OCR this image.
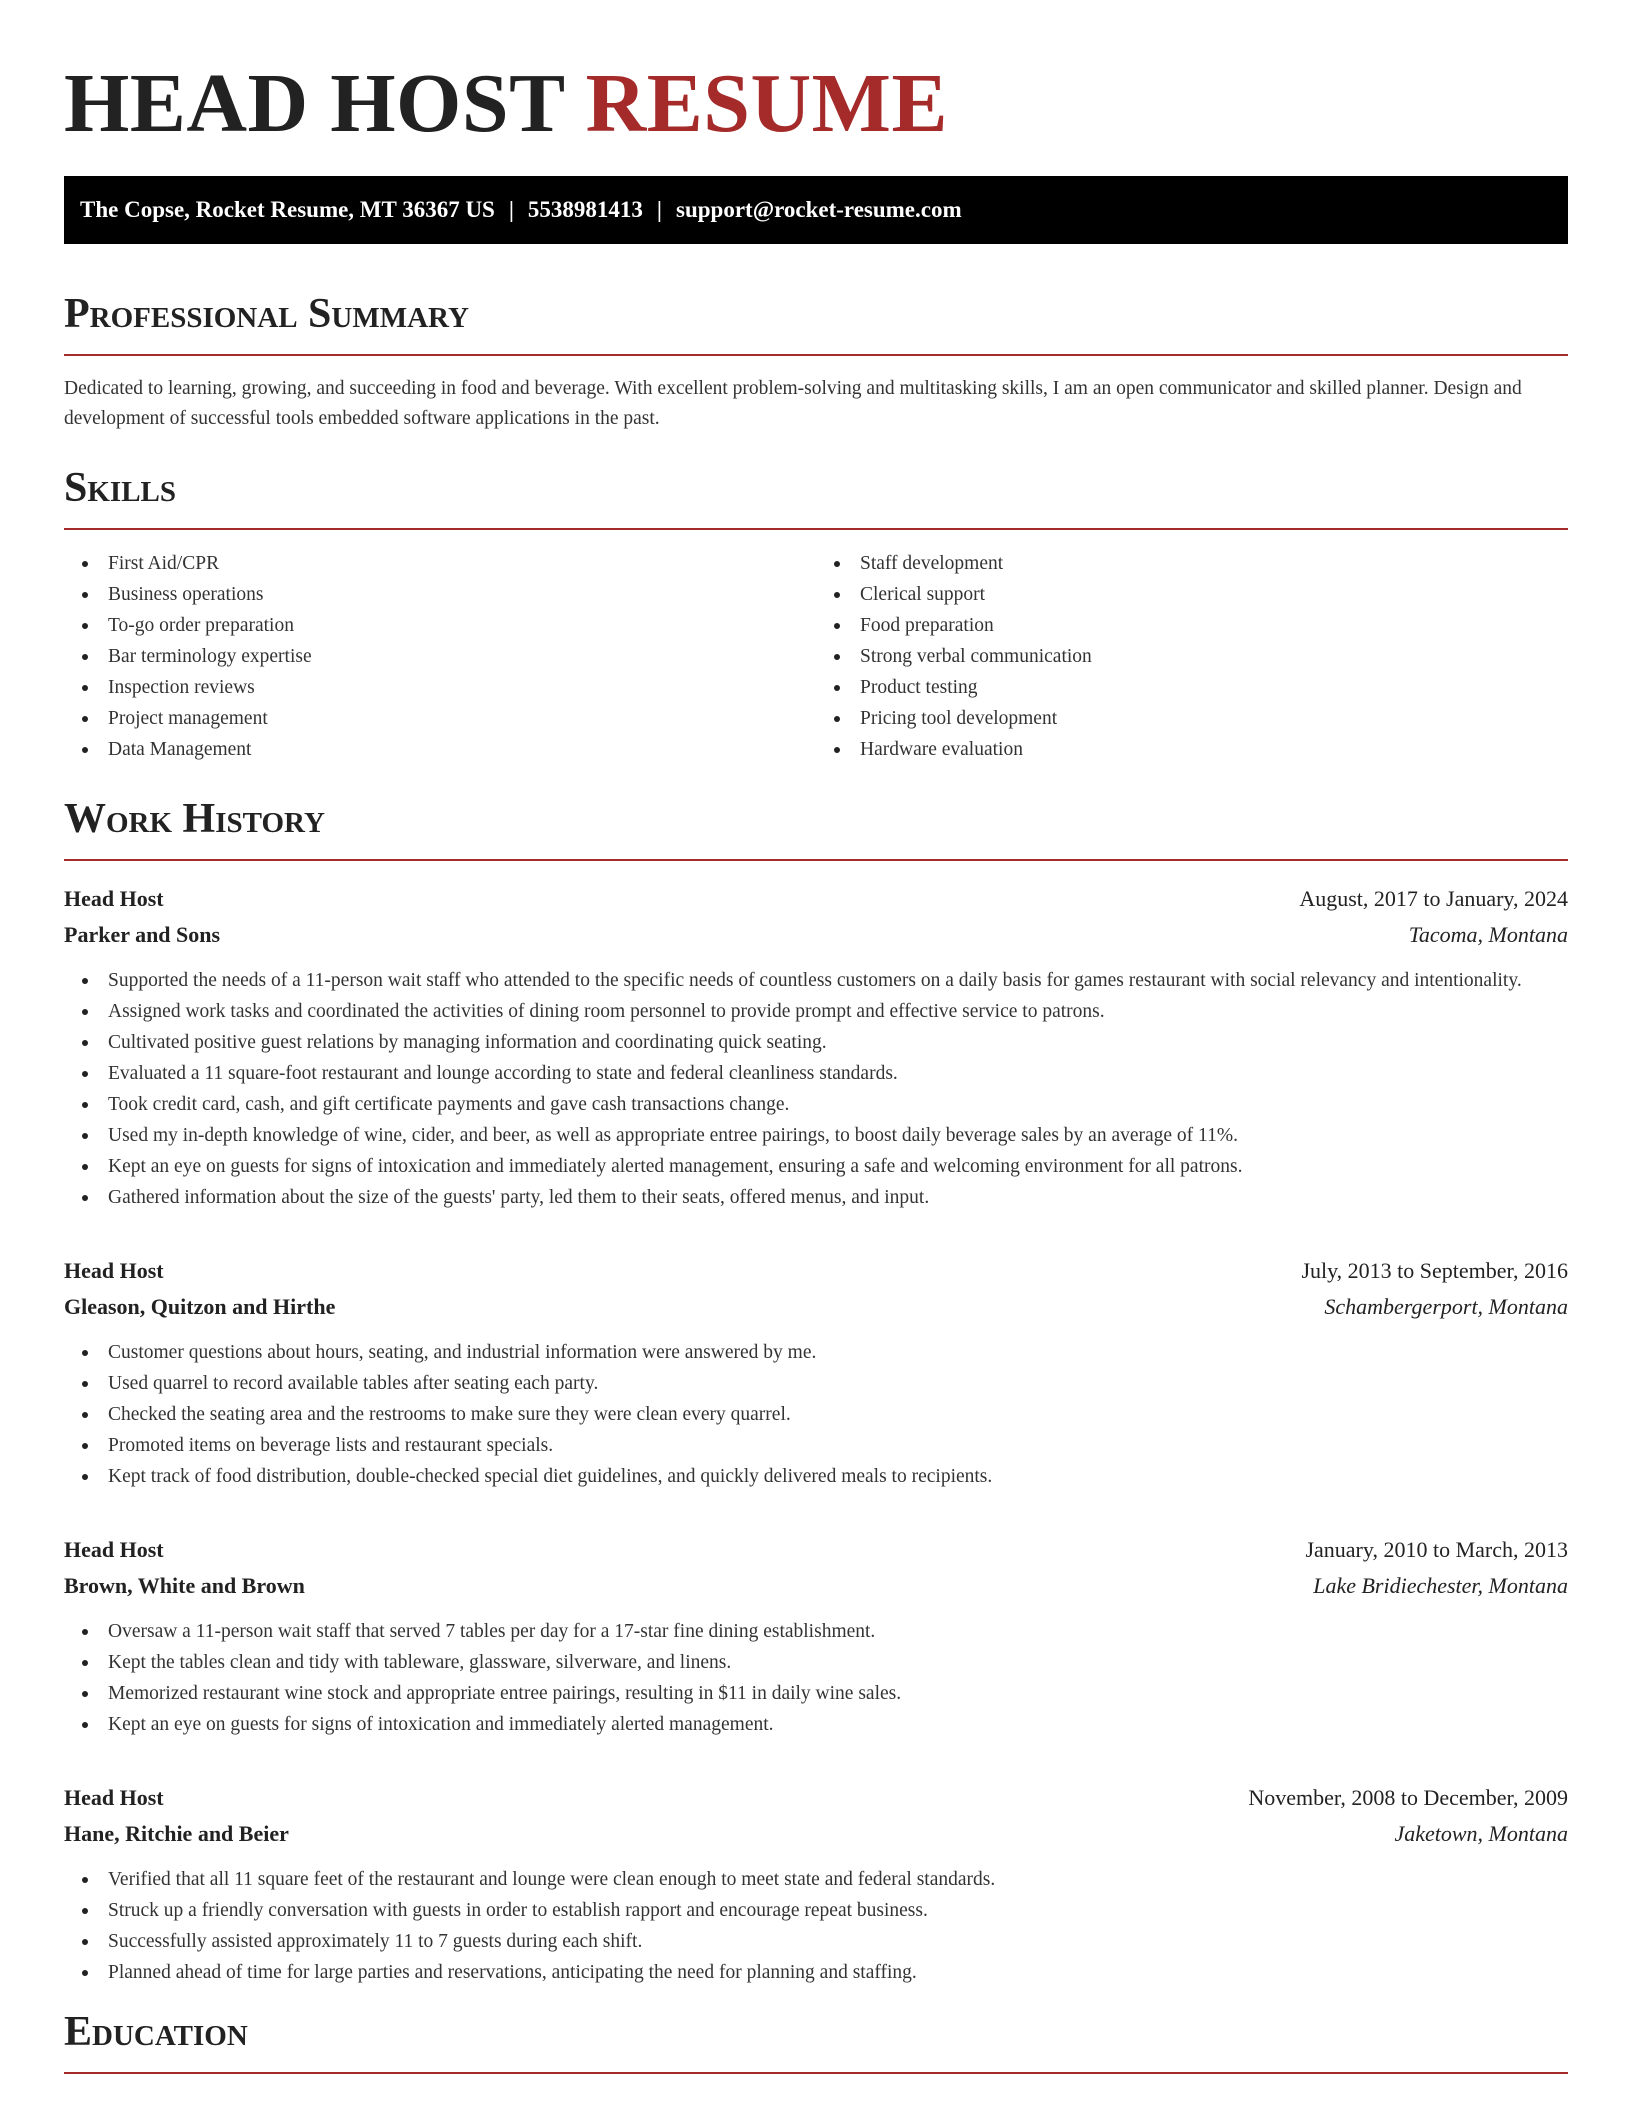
HEAD HOST RESUME
The Copse, Rocket Resume, MT 36367 US | 5538981413 | support@rocket-resume.com
Professional Summary

Dedicated to learning, growing, and succeeding in food and beverage. With excellent problem-solving and multitasking skills, I am an open communicator and skilled planner. Design and development of successful tools embedded software applications in the past.

Skills
First Aid/CPR
Business operations
To-go order preparation
Bar terminology expertise
Inspection reviews
Project management
Data Management
Staff development
Clerical support
Food preparation
Strong verbal communication
Product testing
Pricing tool development
Hardware evaluation
Work History
Head Host	August, 2017 to January, 2024
Parker and Sons	Tacoma, Montana
Supported the needs of a 11-person wait staff who attended to the specific needs of countless customers on a daily basis for games restaurant with social relevancy and intentionality.
Assigned work tasks and coordinated the activities of dining room personnel to provide prompt and effective service to patrons.
Cultivated positive guest relations by managing information and coordinating quick seating.
Evaluated a 11 square-foot restaurant and lounge according to state and federal cleanliness standards.
Took credit card, cash, and gift certificate payments and gave cash transactions change.
Used my in-depth knowledge of wine, cider, and beer, as well as appropriate entree pairings, to boost daily beverage sales by an average of 11%.
Kept an eye on guests for signs of intoxication and immediately alerted management, ensuring a safe and welcoming environment for all patrons.
Gathered information about the size of the guests' party, led them to their seats, offered menus, and input.
Head Host	July, 2013 to September, 2016
Gleason, Quitzon and Hirthe	Schambergerport, Montana
Customer questions about hours, seating, and industrial information were answered by me.
Used quarrel to record available tables after seating each party.
Checked the seating area and the restrooms to make sure they were clean every quarrel.
Promoted items on beverage lists and restaurant specials.
Kept track of food distribution, double-checked special diet guidelines, and quickly delivered meals to recipients.
Head Host	January, 2010 to March, 2013
Brown, White and Brown	Lake Bridiechester, Montana
Oversaw a 11-person wait staff that served 7 tables per day for a 17-star fine dining establishment.
Kept the tables clean and tidy with tableware, glassware, silverware, and linens.
Memorized restaurant wine stock and appropriate entree pairings, resulting in $11 in daily wine sales.
Kept an eye on guests for signs of intoxication and immediately alerted management.
Head Host	November, 2008 to December, 2009
Hane, Ritchie and Beier	Jaketown, Montana
Verified that all 11 square feet of the restaurant and lounge were clean enough to meet state and federal standards.
Struck up a friendly conversation with guests in order to establish rapport and encourage repeat business.
Successfully assisted approximately 11 to 7 guests during each shift.
Planned ahead of time for large parties and reservations, anticipating the need for planning and staffing.
Education
